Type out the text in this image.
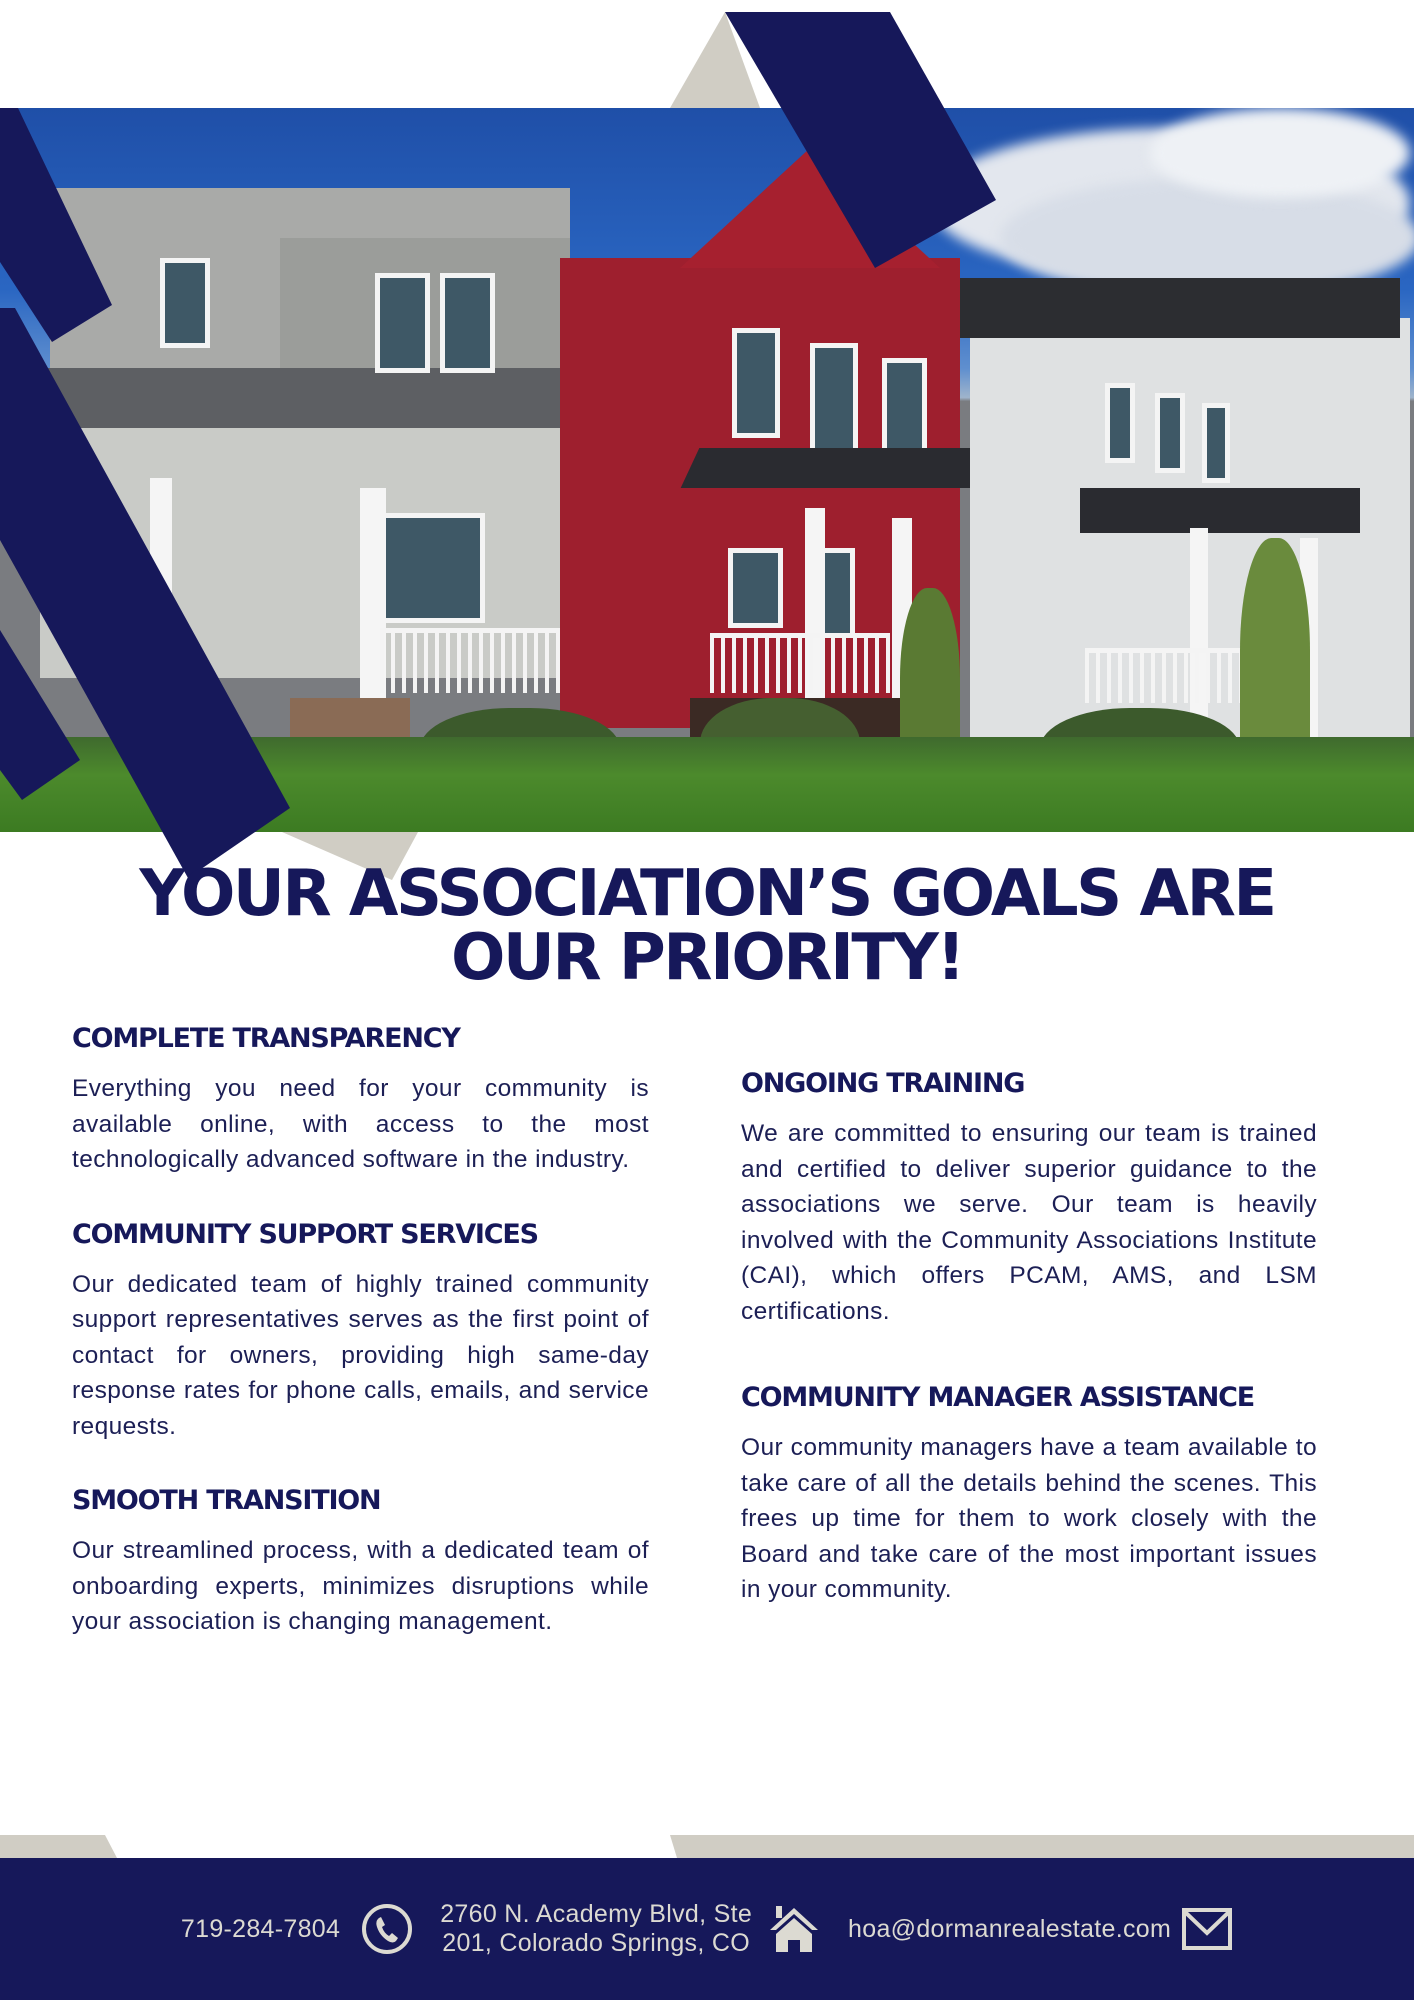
YOUR ASSOCIATION’S GOALS ARE
OUR PRIORITY!
COMPLETE TRANSPARENCY

Everything you need for your community is available online, with access to the most technologically advanced software in the industry.

COMMUNITY SUPPORT SERVICES

Our dedicated team of highly trained community support representatives serves as the first point of contact for owners, providing high same-day response rates for phone calls, emails, and service requests.

SMOOTH TRANSITION

Our streamlined process, with a dedicated team of onboarding experts, minimizes disruptions while your association is changing management.

ONGOING TRAINING

We are committed to ensuring our team is trained and certified to deliver superior guidance to the associations we serve. Our team is heavily involved with the Community Associations Institute (CAI), which offers PCAM, AMS, and LSM certifications.

COMMUNITY MANAGER ASSISTANCE

Our community managers have a team available to take care of all the details behind the scenes. This frees up time for them to work closely with the Board and take care of the most important issues in your community.

719-284-7804
2760 N. Academy Blvd, Ste
201, Colorado Springs, CO
hoa@dormanrealestate.com
